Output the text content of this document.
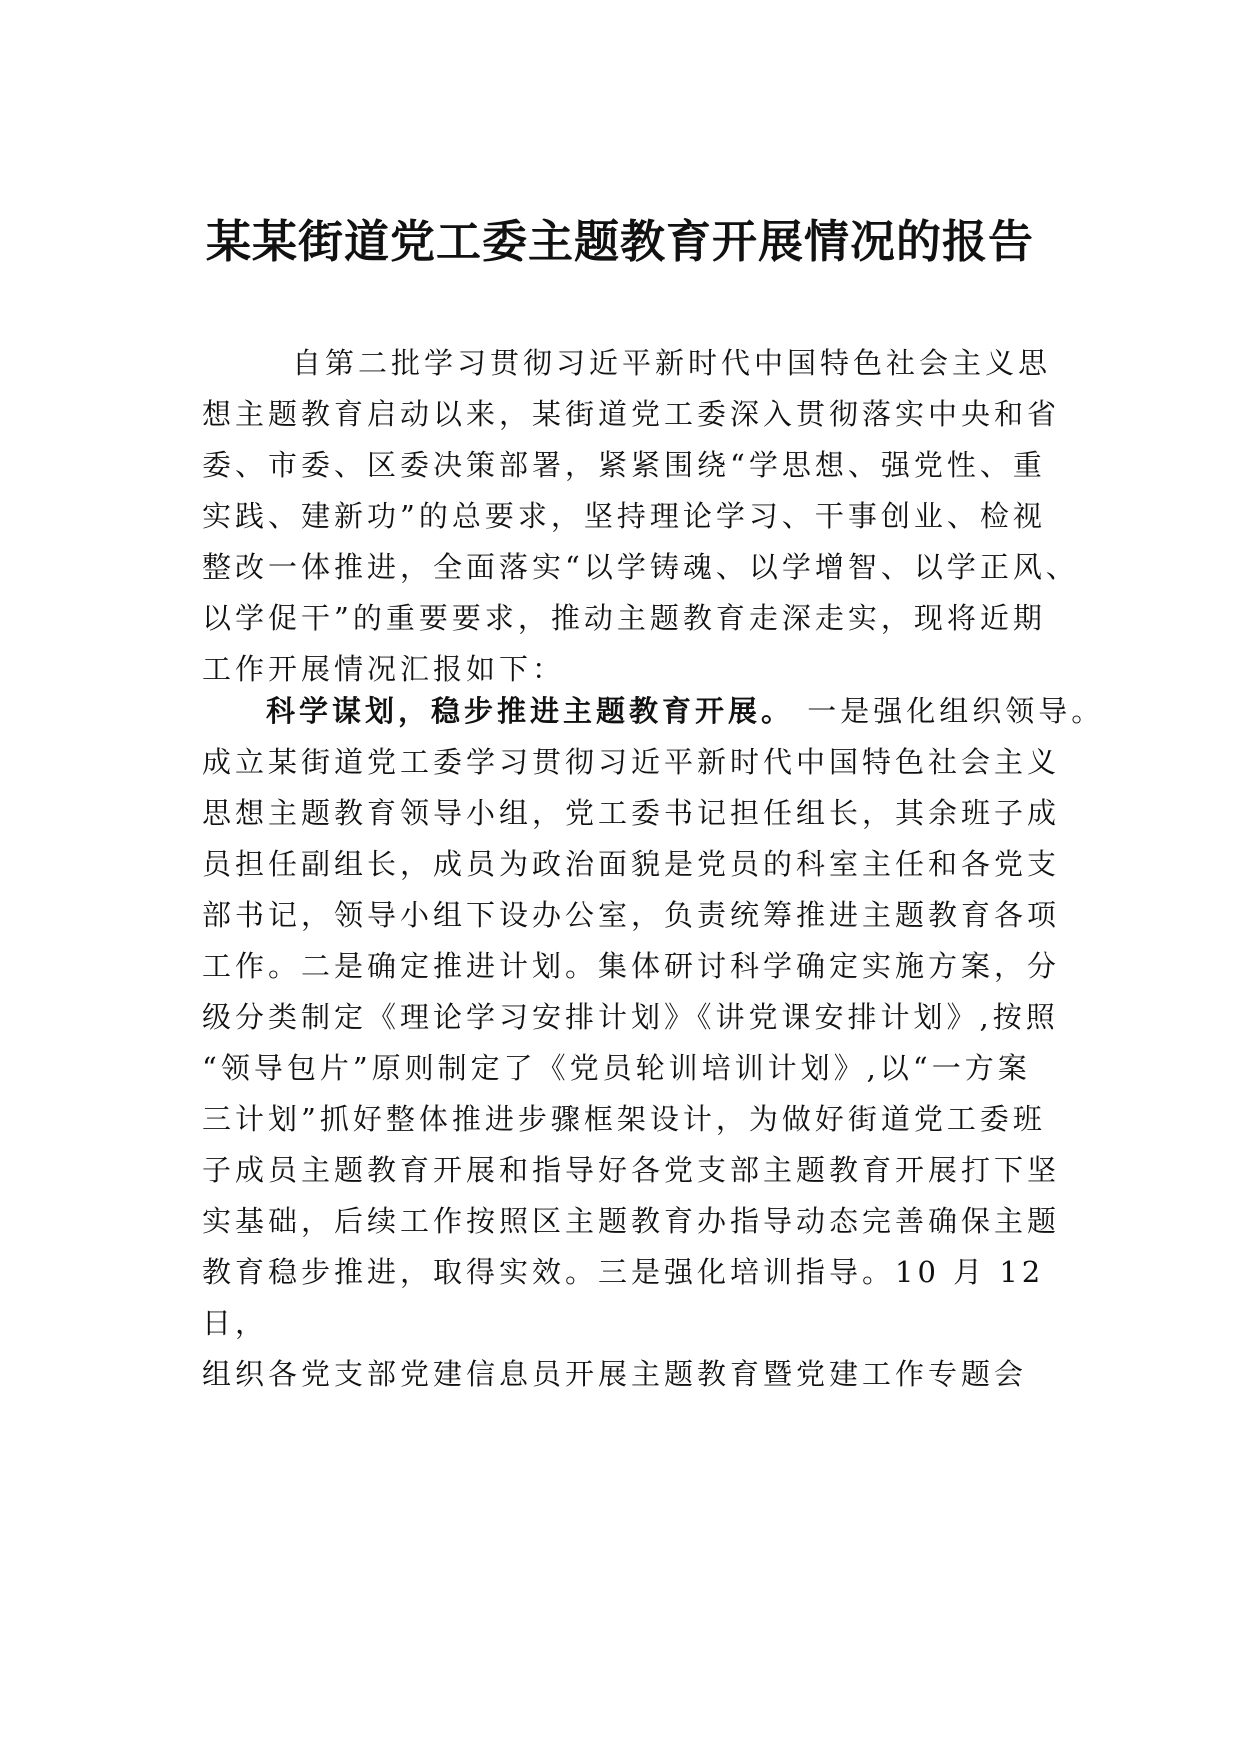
某某街道党工委主题教育开展情况的报告
自第二批学习贯彻习近平新时代中国特色社会主义思
想主题教育启动以来，某街道党工委深入贯彻落实中央和省
委、市委、区委决策部署，紧紧围绕“学思想、强党性、重
实践、建新功”的总要求，坚持理论学习、干事创业、检视
整改一体推进，全面落实“以学铸魂、以学增智、以学正风、
以学促干”的重要要求，推动主题教育走深走实，现将近期
工作开展情况汇报如下：
科学谋划，稳步推进主题教育开展。 一是强化组织领导。
成立某街道党工委学习贯彻习近平新时代中国特色社会主义
思想主题教育领导小组，党工委书记担任组长，其余班子成
员担任副组长，成员为政治面貌是党员的科室主任和各党支
部书记，领导小组下设办公室，负责统筹推进主题教育各项
工作。二是确定推进计划。集体研讨科学确定实施方案，分
级分类制定《理论学习安排计划》《讲党课安排计划》,按照
“领导包片”原则制定了《党员轮训培训计划》,以“一方案
三计划”抓好整体推进步骤框架设计，为做好街道党工委班
子成员主题教育开展和指导好各党支部主题教育开展打下坚
实基础，后续工作按照区主题教育办指导动态完善确保主题
教育稳步推进，取得实效。三是强化培训指导。10 月 12
日，
组织各党支部党建信息员开展主题教育暨党建工作专题会
